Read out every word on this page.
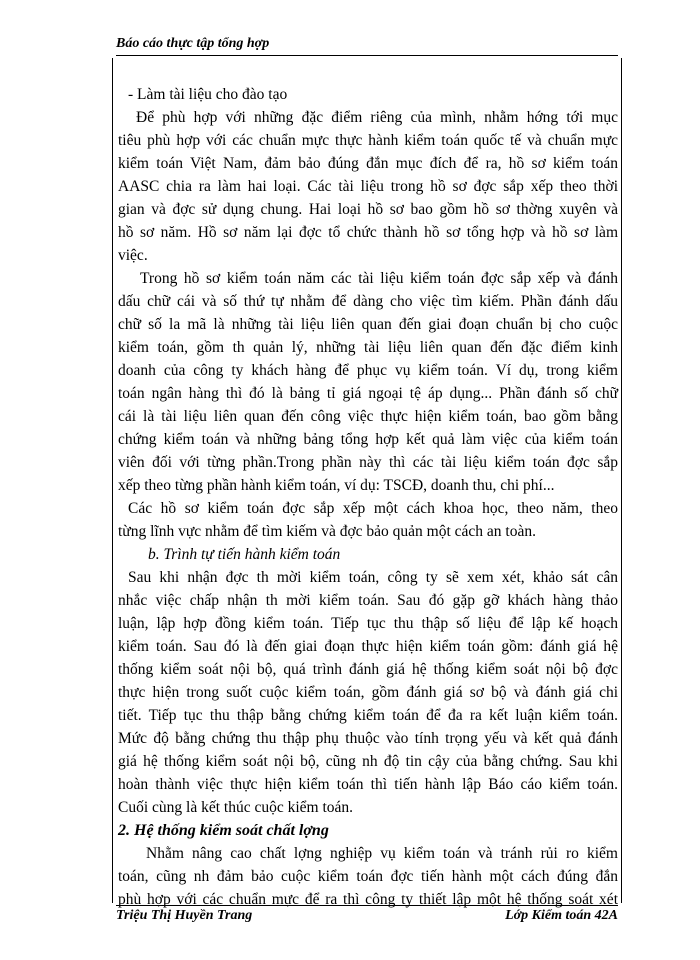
Báo cáo thực tập tổng hợp
- Làm tài liệu cho đào tạo
Để phù hợp với những đặc điểm riêng của mình, nhằm hớng tới mục
tiêu phù hợp với các chuẩn mực thực hành kiểm toán quốc tế và chuẩn mực
kiểm toán Việt Nam, đảm bảo đúng đắn mục đích để ra, hồ sơ kiểm toán
AASC chia ra làm hai loại. Các tài liệu trong hồ sơ đợc sắp xếp theo thời
gian và đợc sử dụng chung. Hai loại hồ sơ bao gồm hồ sơ thờng xuyên và
hồ sơ năm. Hồ sơ năm lại đợc tổ chức thành hồ sơ tổng hợp và hồ sơ làm
việc.
Trong hồ sơ kiểm toán năm các tài liệu kiểm toán đợc sắp xếp và đánh
dấu chữ cái và số thứ tự nhằm để dàng cho việc tìm kiếm. Phần đánh dấu
chữ số la mã là những tài liệu liên quan đến giai đoạn chuẩn bị cho cuộc
kiểm toán, gồm th quản lý, những tài liệu liên quan đến đặc điểm kinh
doanh của công ty khách hàng để phục vụ kiểm toán. Ví dụ, trong kiểm
toán ngân hàng thì đó là bảng tỉ giá ngoại tệ áp dụng... Phần đánh số chữ
cái là tài liệu liên quan đến công việc thực hiện kiểm toán, bao gồm bằng
chứng kiểm toán và những bảng tổng hợp kết quả làm việc của kiểm toán
viên đối với từng phần.Trong phần này thì các tài liệu kiểm toán đợc sắp
xếp theo từng phần hành kiểm toán, ví dụ: TSCĐ, doanh thu, chi phí...
Các hồ sơ kiểm toán đợc sắp xếp một cách khoa học, theo năm, theo
từng lĩnh vực nhằm để tìm kiếm và đợc bảo quản một cách an toàn.
b. Trình tự tiến hành kiểm toán
Sau khi nhận đợc th mời kiểm toán, công ty sẽ xem xét, khảo sát cân
nhắc việc chấp nhận th mời kiểm toán. Sau đó gặp gỡ khách hàng thảo
luận, lập hợp đồng kiểm toán. Tiếp tục thu thập số liệu để lập kế hoạch
kiểm toán. Sau đó là đến giai đoạn thực hiện kiểm toán gồm: đánh giá hệ
thống kiểm soát nội bộ, quá trình đánh giá hệ thống kiểm soát nội bộ đợc
thực hiện trong suốt cuộc kiểm toán, gồm đánh giá sơ bộ và đánh giá chi
tiết. Tiếp tục thu thập bằng chứng kiểm toán để đa ra kết luận kiểm toán.
Mức độ bằng chứng thu thập phụ thuộc vào tính trọng yếu và kết quả đánh
giá hệ thống kiểm soát nội bộ, cũng nh độ tin cậy của bằng chứng. Sau khi
hoàn thành việc thực hiện kiểm toán thì tiến hành lập Báo cáo kiểm toán.
Cuối cùng là kết thúc cuộc kiểm toán.
2. Hệ thống kiểm soát chất lợng
Nhằm nâng cao chất lợng nghiệp vụ kiểm toán và tránh rủi ro kiểm
toán, cũng nh đảm bảo cuộc kiểm toán đợc tiến hành một cách đúng đắn
phù hợp với các chuẩn mực để ra thì công ty thiết lập một hệ thống soát xét
Triệu Thị Huyền Trang	Lớp Kiểm toán 42A
